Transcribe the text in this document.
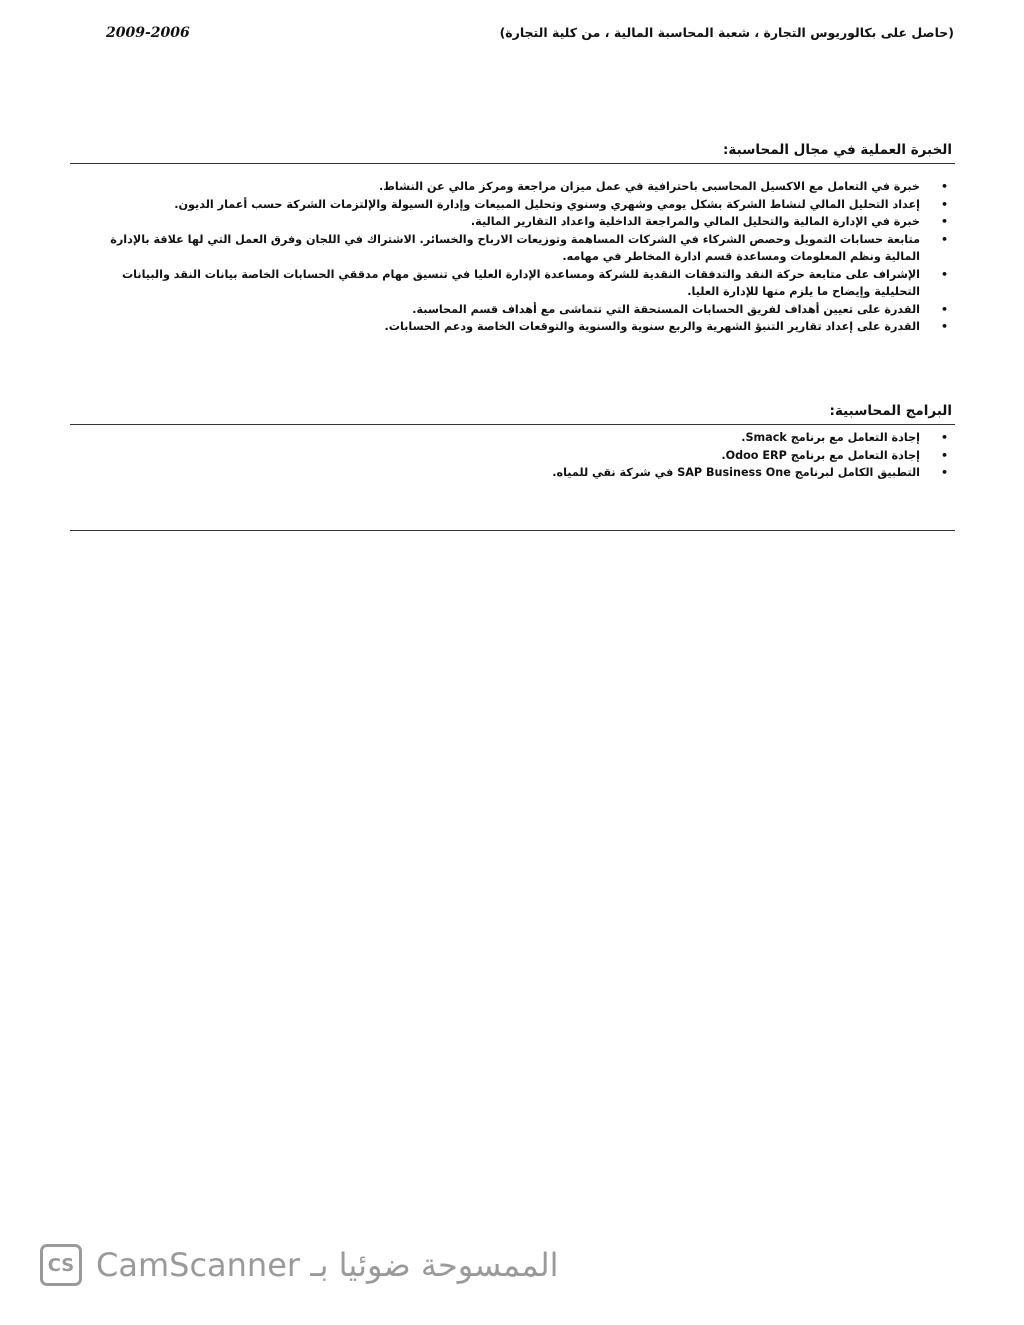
(حاصل على بكالوريوس التجارة ، شعبة المحاسبة المالية ، من كلية التجارة)
2009-2006
الخبرة العملية في مجال المحاسبة:
•
خبرة في التعامل مع الاكسيل المحاسبى باحترافية في عمل ميزان مراجعة ومركز مالي عن النشاط.
•
إعداد التحليل المالي لنشاط الشركة بشكل يومي وشهري وسنوي وتحليل المبيعات وإدارة السيولة والإلتزمات الشركة حسب أعمار الديون.
•
خبرة في الإدارة المالية والتحليل المالي والمراجعة الداخلية واعداد التقارير المالية.
•
متابعة حسابات التمويل وحصص الشركاء في الشركات المساهمة وتوزيعات الارباح والخسائر. الاشتراك في اللجان وفرق العمل التي لها علاقة بالإدارة المالية ونظم المعلومات ومساعدة قسم ادارة المخاطر في مهامه.
•
الإشراف على متابعة حركة النقد والتدفقات النقدية للشركة ومساعدة الإدارة العليا في تنسيق مهام مدققي الحسابات الخاصة بيانات النقد والبيانات التحليلية وإيضاح ما يلزم منها للإدارة العليا.
•
القدرة على تعيين أهداف لفريق الحسابات المستحقة التي تتماشى مع أهداف قسم المحاسبة.
•
القدرة على إعداد تقارير التنبؤ الشهرية والربع سنوية والسنوية والتوقعات الخاصة ودعم الحسابات.
البرامج المحاسبية:
•
إجادة التعامل مع برنامج Smack.
•
إجادة التعامل مع برنامج Odoo ERP.
•
التطبيق الكامل لبرنامج SAP Business One في شركة نقي للمياه.
CS الممسوحة ضوئيا بـ CamScanner
